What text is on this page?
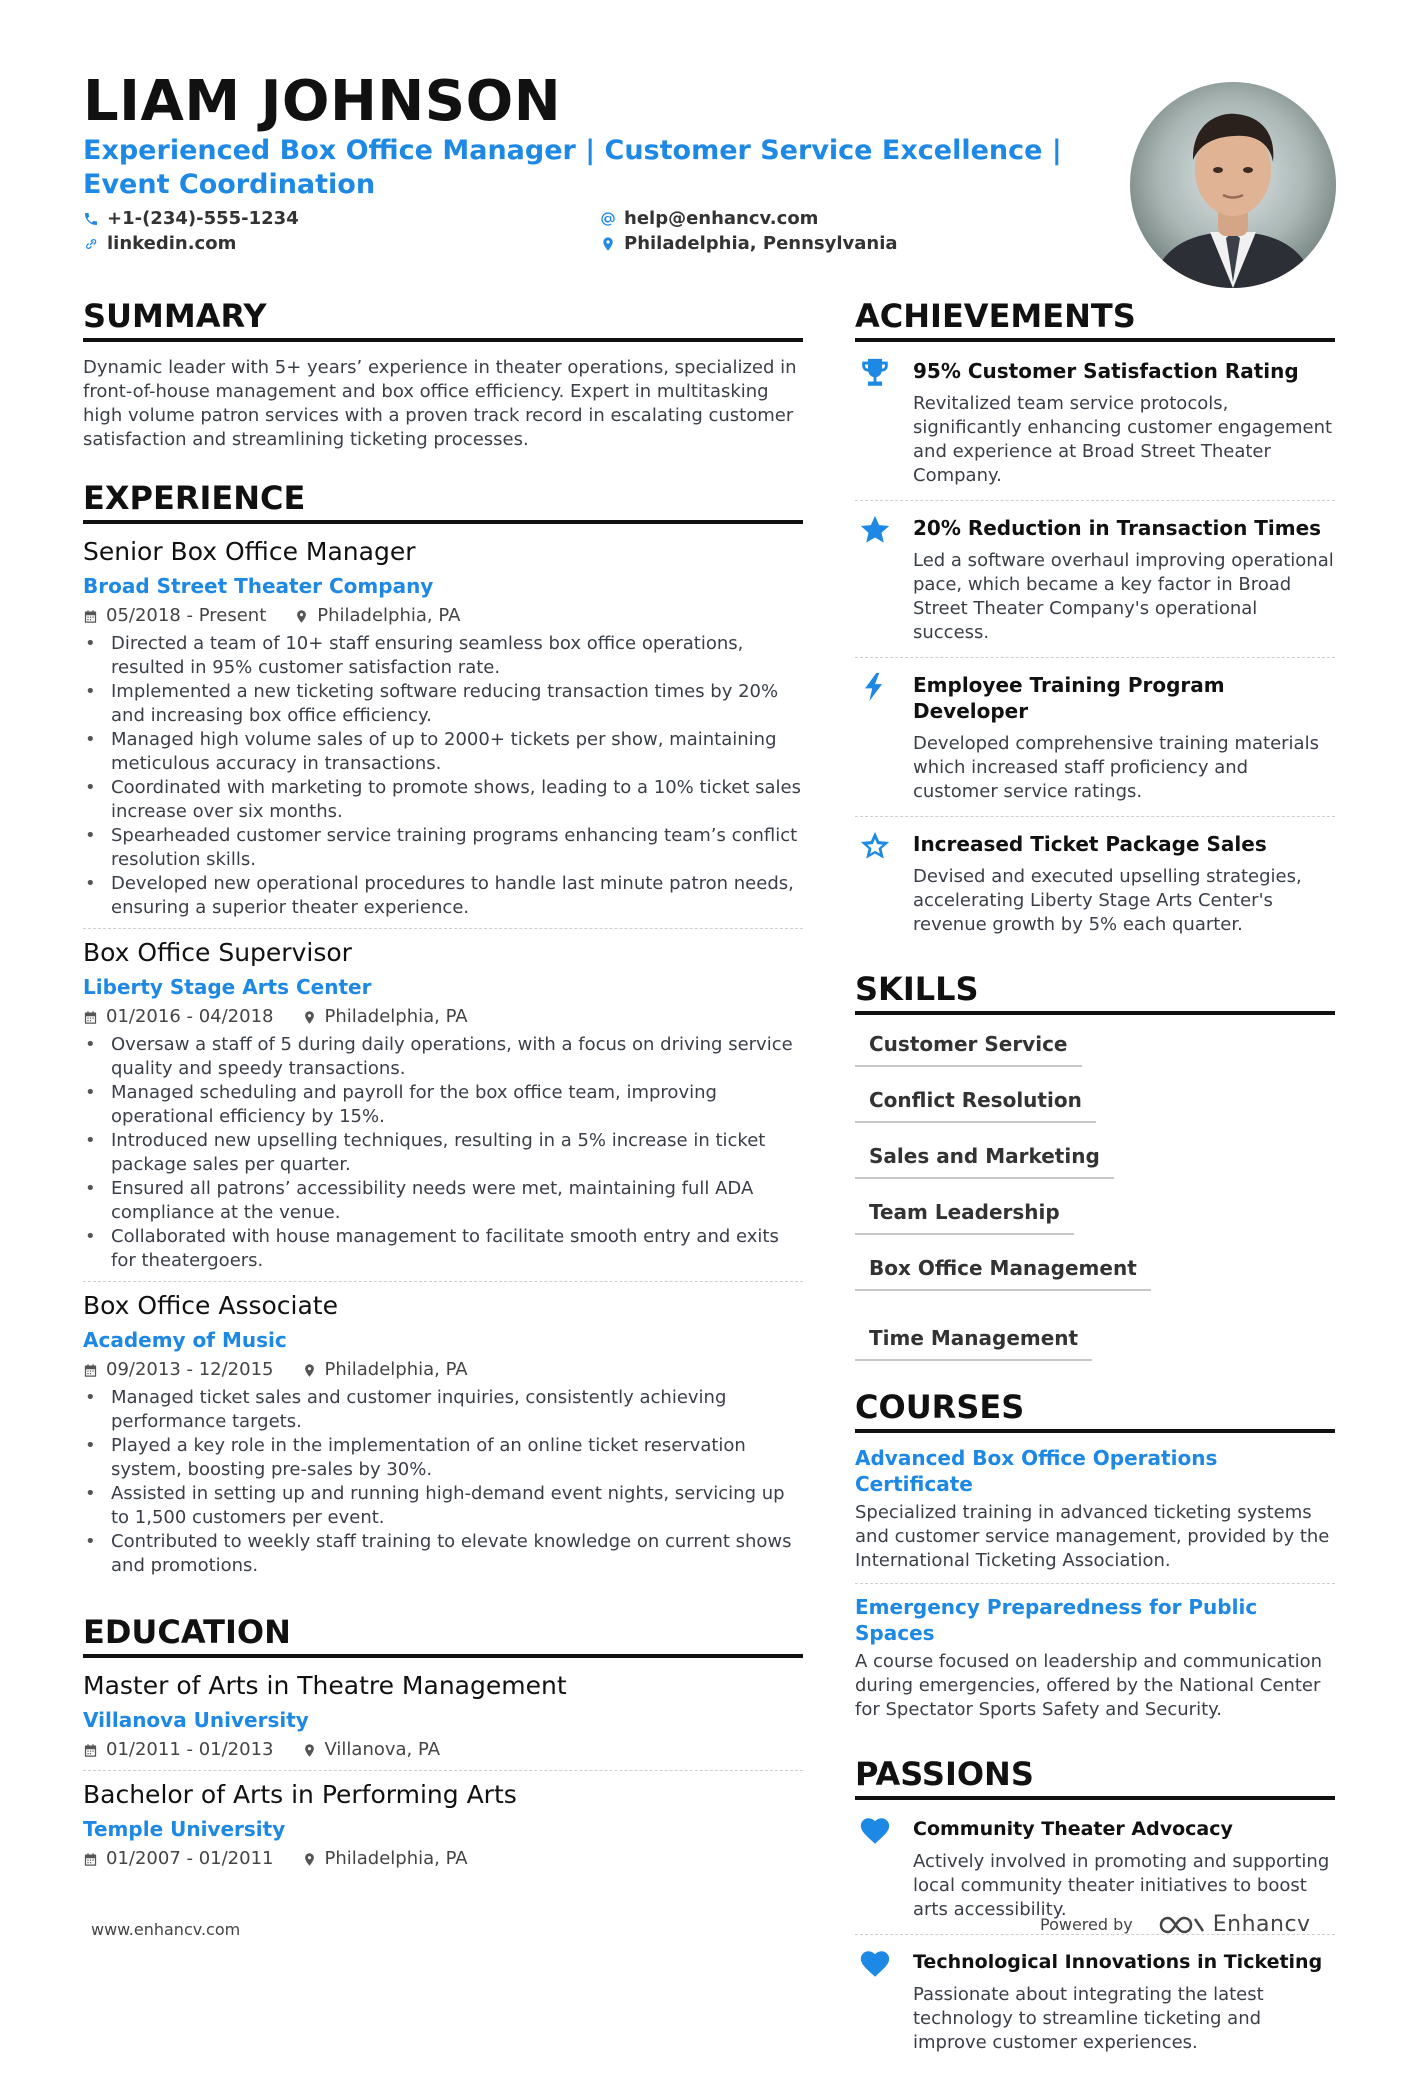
LIAM JOHNSON

Experienced Box Office Manager | Customer Service Excellence | Event Coordination

+1-(234)-555-1234	help@enhancv.com
linkedin.com	Philadelphia, Pennsylvania
SUMMARY

Dynamic leader with 5+ years’ experience in theater operations, specialized in front-of-house management and box office efficiency. Expert in multitasking high volume patron services with a proven track record in escalating customer satisfaction and streamlining ticketing processes.

EXPERIENCE

Senior Box Office Manager

Broad Street Theater Company
05/2018 - Present	Philadelphia, PA
• Directed a team of 10+ staff ensuring seamless box office operations, resulted in 95% customer satisfaction rate.
• Implemented a new ticketing software reducing transaction times by 20% and increasing box office efficiency.
• Managed high volume sales of up to 2000+ tickets per show, maintaining meticulous accuracy in transactions.
• Coordinated with marketing to promote shows, leading to a 10% ticket sales increase over six months.
• Spearheaded customer service training programs enhancing team’s conflict resolution skills.
• Developed new operational procedures to handle last minute patron needs, ensuring a superior theater experience.

Box Office Supervisor

Liberty Stage Arts Center
01/2016 - 04/2018	Philadelphia, PA
• Oversaw a staff of 5 during daily operations, with a focus on driving service quality and speedy transactions.
• Managed scheduling and payroll for the box office team, improving operational efficiency by 15%.
• Introduced new upselling techniques, resulting in a 5% increase in ticket package sales per quarter.
• Ensured all patrons’ accessibility needs were met, maintaining full ADA compliance at the venue.
• Collaborated with house management to facilitate smooth entry and exits for theatergoers.

Box Office Associate

Academy of Music
09/2013 - 12/2015	Philadelphia, PA
• Managed ticket sales and customer inquiries, consistently achieving performance targets.
• Played a key role in the implementation of an online ticket reservation system, boosting pre-sales by 30%.
• Assisted in setting up and running high-demand event nights, servicing up to 1,500 customers per event.
• Contributed to weekly staff training to elevate knowledge on current shows and promotions.
EDUCATION

Master of Arts in Theatre Management

Villanova University
01/2011 - 01/2013	Villanova, PA

Bachelor of Arts in Performing Arts

Temple University
01/2007 - 01/2011	Philadelphia, PA
ACHIEVEMENTS
95% Customer Satisfaction Rating

Revitalized team service protocols, significantly enhancing customer engagement and experience at Broad Street Theater Company.

20% Reduction in Transaction Times

Led a software overhaul improving operational pace, which became a key factor in Broad Street Theater Company's operational success.

Employee Training Program Developer

Developed comprehensive training materials which increased staff proficiency and customer service ratings.

Increased Ticket Package Sales

Devised and executed upselling strategies, accelerating Liberty Stage Arts Center's revenue growth by 5% each quarter.

SKILLS
Customer Service
Conflict Resolution
Sales and Marketing
Team Leadership
Box Office Management
Time Management
COURSES
Advanced Box Office Operations Certificate

Specialized training in advanced ticketing systems and customer service management, provided by the International Ticketing Association.

Emergency Preparedness for Public Spaces

A course focused on leadership and communication during emergencies, offered by the National Center for Spectator Sports Safety and Security.

PASSIONS
Community Theater Advocacy

Actively involved in promoting and supporting local community theater initiatives to boost arts accessibility.

Technological Innovations in Ticketing

Passionate about integrating the latest technology to streamline ticketing and improve customer experiences.

www.enhancv.com	Powered by	Enhancv
